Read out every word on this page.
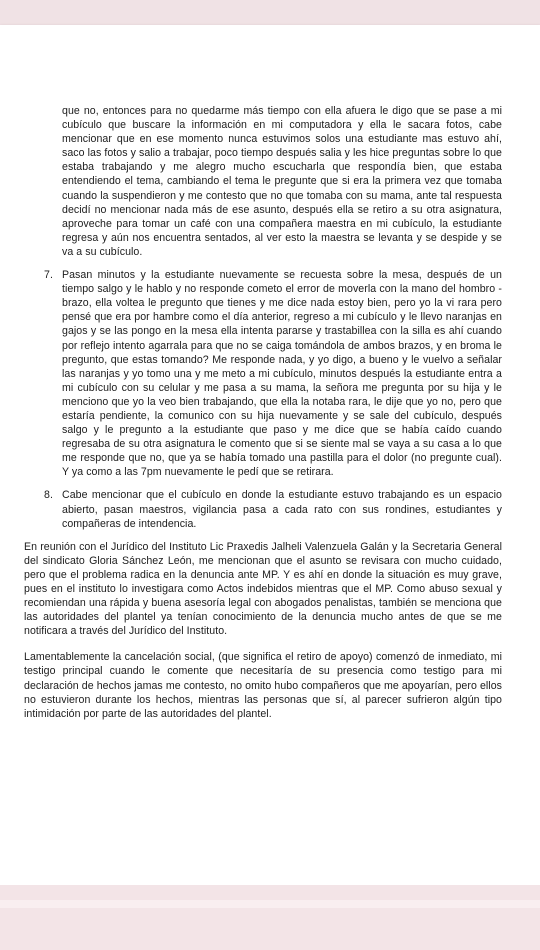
que no, entonces para no quedarme más tiempo con ella afuera le digo que se pase a mi cubículo que buscare la información en mi computadora y ella le sacara fotos, cabe mencionar que en ese momento nunca estuvimos solos una estudiante mas estuvo ahí, saco las fotos y salio a trabajar, poco tiempo después salia y les hice preguntas sobre lo que estaba trabajando y me alegro mucho escucharla que respondía bien, que estaba entendiendo el tema, cambiando el tema le pregunte que si era la primera vez que tomaba cuando la suspendieron y me contesto que no que tomaba con su mama, ante tal respuesta decidí no mencionar nada más de ese asunto, después ella se retiro a su otra asignatura, aproveche para tomar un café con una compañera maestra en mi cubículo, la estudiante regresa y aún nos encuentra sentados, al ver esto la maestra se levanta y se despide y se va a su cubículo.

7. Pasan minutos y la estudiante nuevamente se recuesta sobre la mesa, después de un tiempo salgo y le hablo y no responde cometo el error de moverla con la mano del hombro -brazo, ella voltea le pregunto que tienes y me dice nada estoy bien, pero yo la vi rara pero pensé que era por hambre como el día anterior, regreso a mi cubículo y le llevo naranjas en gajos y se las pongo en la mesa ella intenta pararse y trastabillea con la silla es ahí cuando por reflejo intento agarrala para que no se caiga tomándola de ambos brazos, y en broma le pregunto, que estas tomando? Me responde nada, y yo digo, a bueno y le vuelvo a señalar las naranjas y yo tomo una y me meto a mi cubículo, minutos después la estudiante entra a mi cubículo con su celular y me pasa a su mama, la señora me pregunta por su hija y le menciono que yo la veo bien trabajando, que ella la notaba rara, le dije que yo no, pero que estaría pendiente, la comunico con su hija nuevamente y se sale del cubículo, después salgo y le pregunto a la estudiante que paso y me dice que se había caído cuando regresaba de su otra asignatura le comento que si se siente mal se vaya a su casa a lo que me responde que no, que ya se había tomado una pastilla para el dolor (no pregunte cual). Y ya como a las 7pm nuevamente le pedí que se retirara.

8. Cabe mencionar que el cubículo en donde la estudiante estuvo trabajando es un espacio abierto, pasan maestros, vigilancia pasa a cada rato con sus rondines, estudiantes y compañeras de intendencia.

En reunión con el Jurídico del Instituto Lic Praxedis Jalheli Valenzuela Galán y la Secretaria General del sindicato Gloria Sánchez León, me mencionan que el asunto se revisara con mucho cuidado, pero que el problema radica en la denuncia ante MP. Y es ahí en donde la situación es muy grave, pues en el instituto lo investigara como Actos indebidos mientras que el MP. Como abuso sexual y recomiendan una rápida y buena asesoría legal con abogados penalistas, también se menciona que las autoridades del plantel ya tenían conocimiento de la denuncia mucho antes de que se me notificara a través del Jurídico del Instituto.

Lamentablemente la cancelación social, (que significa el retiro de apoyo) comenzó de inmediato, mi testigo principal cuando le comente que necesitaría de su presencia como testigo para mi declaración de hechos jamas me contesto, no omito hubo compañeros que me apoyarían, pero ellos no estuvieron durante los hechos, mientras las personas que sí, al parecer sufrieron algún tipo intimidación por parte de las autoridades del plantel.
